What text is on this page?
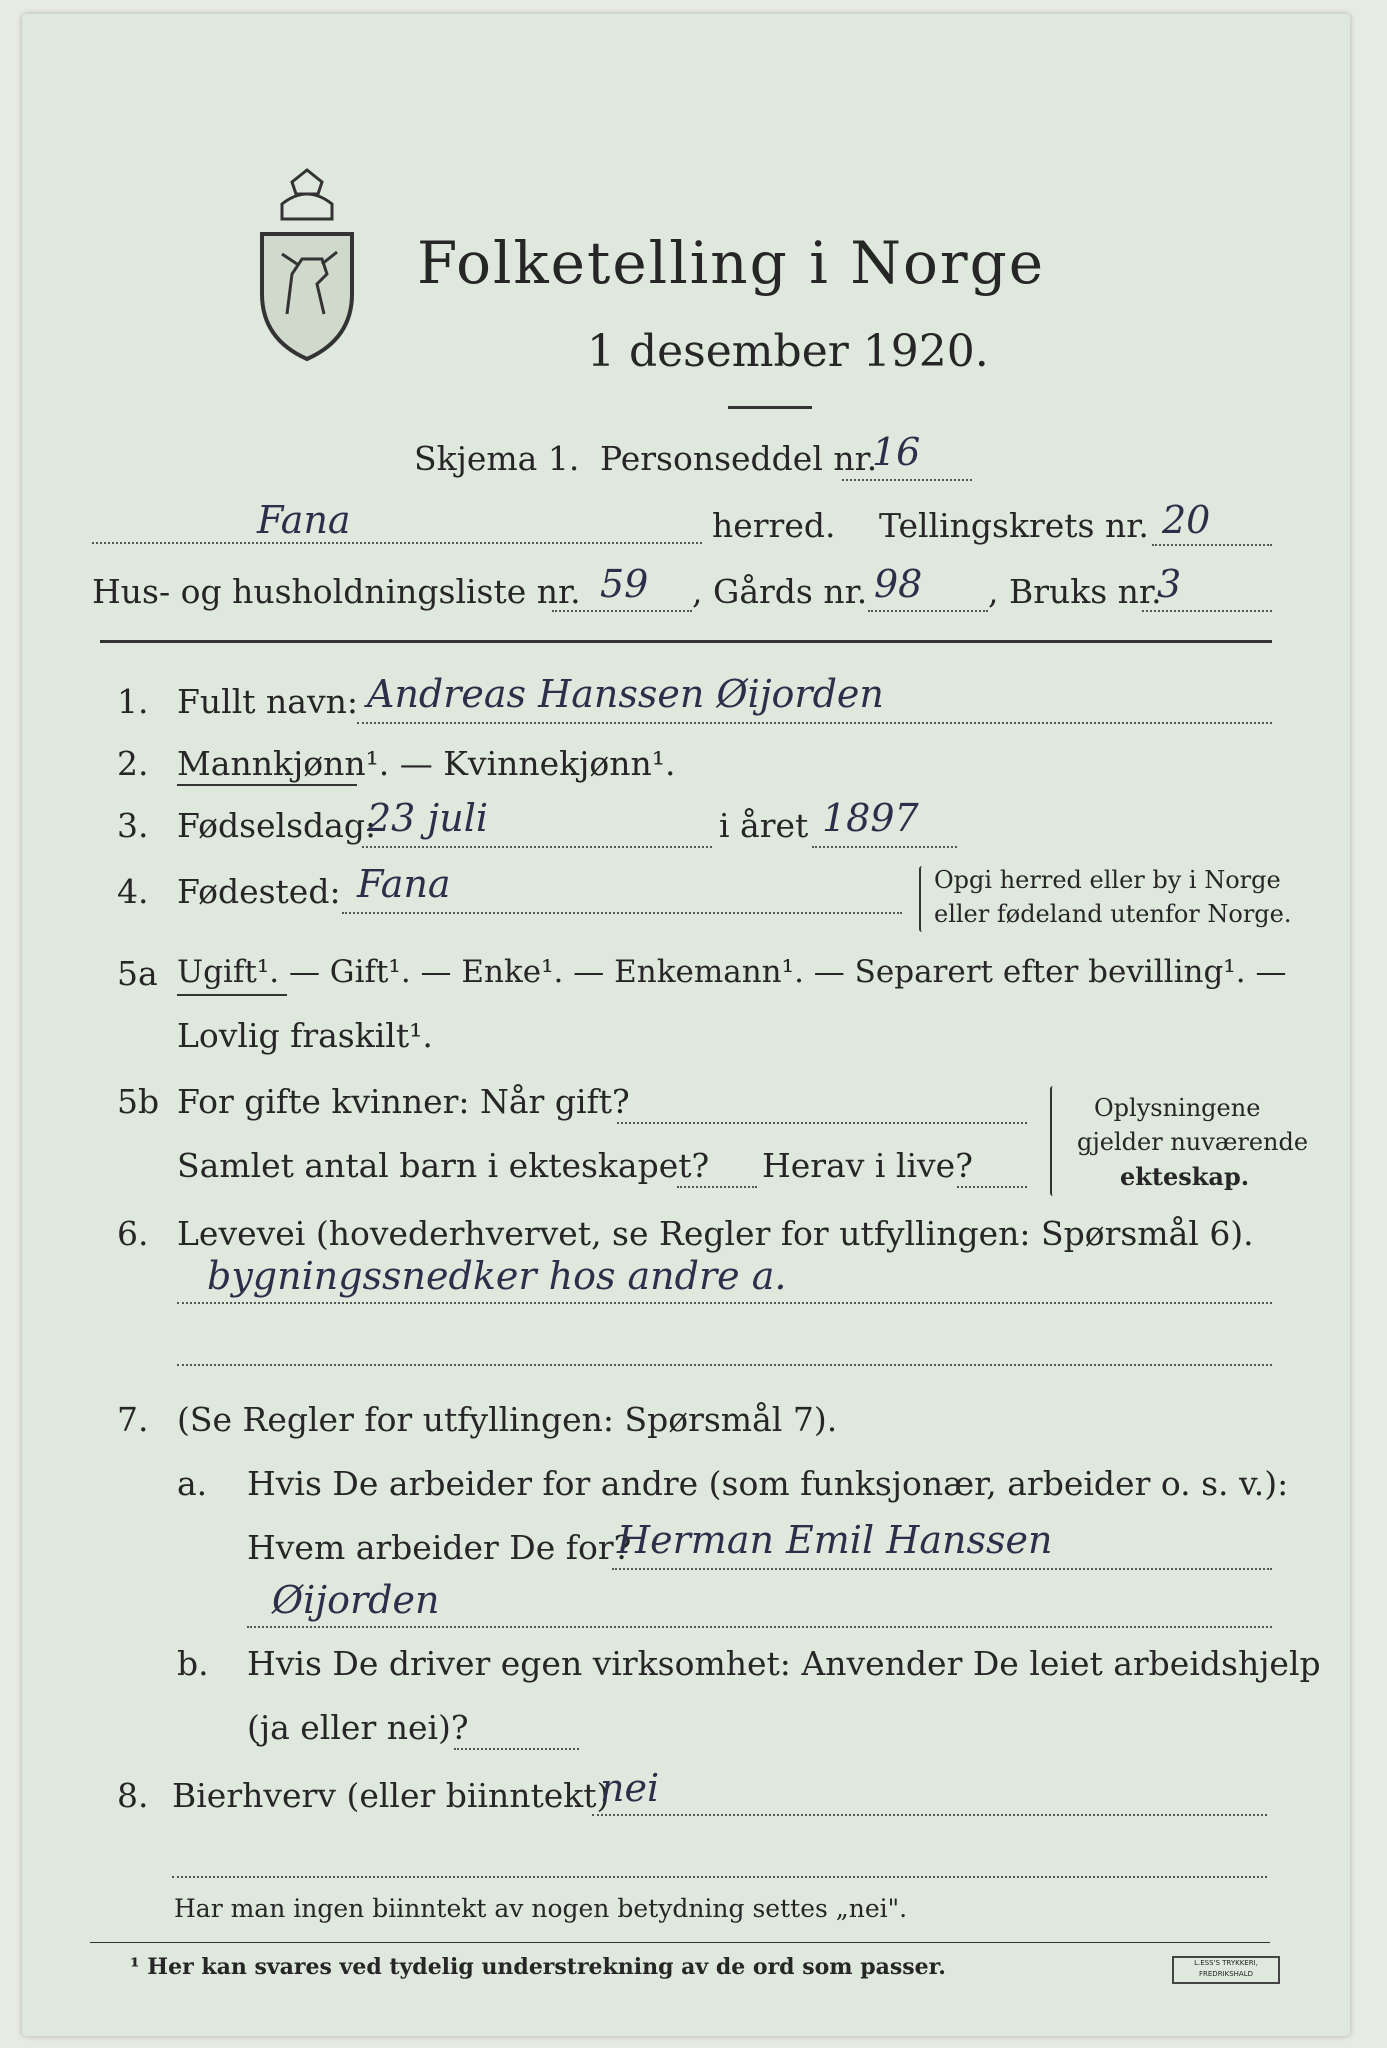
Folketelling i Norge
1 desember 1920.
Skjema 1. Personseddel nr.
16
Fana	herred. Tellingskrets nr. 20
Hus- og husholdningsliste nr. 59 , Gårds nr. 98 , Bruks nr.
3
1. Fullt navn: Andreas Hanssen Øijorden
2. Mannkjønn¹. — Kvinnekjønn¹.
3. Fødselsdag:
23 juli	i året 1897
4. Fødested: Fana	Opgi herred eller by i Norge
eller fødeland utenfor Norge.
5a Ugift¹. — Gift¹. — Enke¹. — Enkemann¹. — Separert efter bevilling¹. —
Lovlig fraskilt¹.
5b For gifte kvinner: Når gift?
Samlet antal barn i ekteskapet? Herav i live?
Oplysningene
gjelder nuværende
ekteskap.
6. Levevei (hovederhvervet, se Regler for utfyllingen: Spørsmål 6).
bygningssnedker hos andre a.
7. (Se Regler for utfyllingen: Spørsmål 7).
a. Hvis De arbeider for andre (som funksjonær, arbeider o. s. v.):
Hvem arbeider De for?
Herman Emil Hanssen
Øijorden
b. Hvis De driver egen virksomhet: Anvender De leiet arbeidshjelp
(ja eller nei)?
8. Bierhverv (eller biinntekt)
nei
Har man ingen biinntekt av nogen betydning settes „nei".
¹ Her kan svares ved tydelig understrekning av de ord som passer.	L.ESS'S TRYKKERI, FREDRIKSHALD
